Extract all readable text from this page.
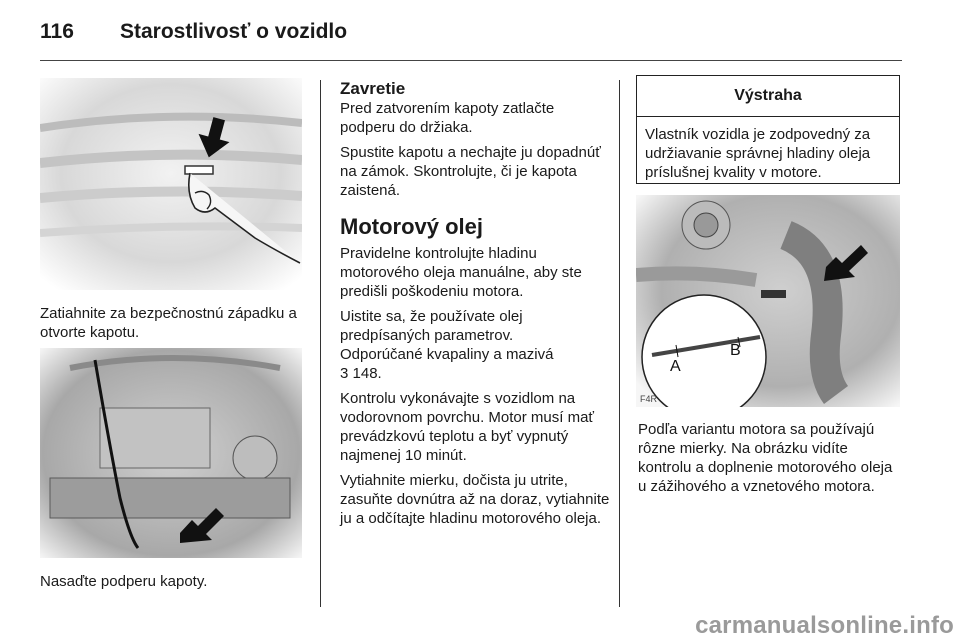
116 Starostlivosť o vozidlo
Zatiahnite za bezpečnostnú západku a otvorte kapotu.
Nasaďte podperu kapoty.
Zavretie

Pred zatvorením kapoty zatlačte podperu do držiaka.

Spustite kapotu a nechajte ju dopadnúť na zámok. Skontrolujte, či je kapota zaistená.

Motorový olej

Pravidelne kontrolujte hladinu motorového oleja manuálne, aby ste predišli poškodeniu motora.

Uistite sa, že používate olej predpísaných parametrov.

Odporúčané kvapaliny a mazivá

3 148.

Kontrolu vykonávajte s vozidlom na vodorovnom povrchu. Motor musí mať prevádzkovú teplotu a byť vypnutý najmenej 10 minút.

Vytiahnite mierku, dočista ju utrite, zasuňte dovnútra až na doraz, vytiahnite ju a odčítajte hladinu motorového oleja.

Výstraha
Vlastník vozidla je zodpovedný za udržiavanie správnej hladiny oleja príslušnej kvality v motore.
A
B
F4R
Podľa variantu motora sa používajú rôzne mierky. Na obrázku vidíte kontrolu a doplnenie motorového oleja u zážihového a vznetového motora.
carmanualsonline.info
